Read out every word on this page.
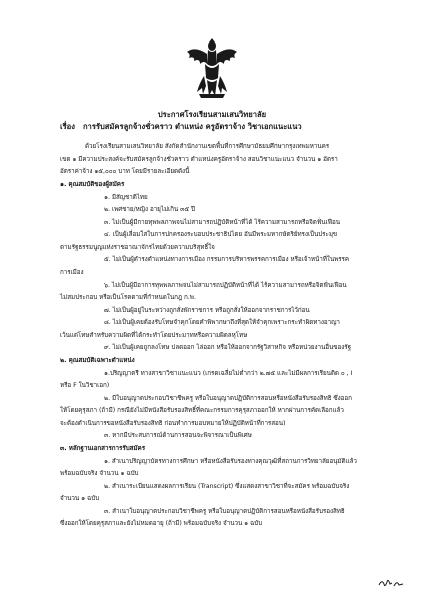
ประกาศโรงเรียนสามเสนวิทยาลัย
เรื่อง การรับสมัครลูกจ้างชั่วคราว ตำแหน่ง ครูอัตราจ้าง วิชาเอกแนะแนว
ด้วยโรงเรียนสามเสนวิทยาลัย สังกัดสำนักงานเขตพื้นที่การศึกษามัธยมศึกษากรุงเทพมหานคร
เขต ๑ มีความประสงค์จะรับสมัครลูกจ้างชั่วคราว ตำแหน่งครูอัตราจ้าง สอนวิชาแนะแนว จำนวน ๑ อัตรา
อัตราค่าจ้าง ๑๕,๐๐๐ บาท โดยมีรายละเอียดดังนี้
๑. คุณสมบัติของผู้สมัคร
๑. มีสัญชาติไทย
๒. เพศชาย/หญิง อายุไม่เกิน ๓๕ ปี
๓. ไม่เป็นผู้มีกายทุพพลภาพจนไม่สามารถปฏิบัติหน้าที่ได้ ไร้ความสามารถหรือจิตฟั่นเฟือน
๔. เป็นผู้เลื่อมใสในการปกครองระบอบประชาธิปไตย อันมีพระมหากษัตริย์ทรงเป็นประมุข
ตามรัฐธรรมนูญแห่งราชอาณาจักรไทยด้วยความบริสุทธิ์ใจ
๕. ไม่เป็นผู้ดำรงตำแหน่งทางการเมือง กรรมการบริหารพรรคการเมือง หรือเจ้าหน้าที่ในพรรค
การเมือง
๖. ไม่เป็นผู้มีอาการทุพพลภาพจนไม่สามารถปฏิบัติหน้าที่ได้ ไร้ความสามารถหรือจิตฟั่นเฟือน
ไม่สมประกอบ หรือเป็นโรคตามที่กำหนดในกฎ ก.พ.
๗. ไม่เป็นผู้อยู่ในระหว่างถูกสั่งพักราชการ หรือถูกสั่งให้ออกจากราชการไว้ก่อน
๘. ไม่เป็นผู้เคยต้องรับโทษจำคุกโดยคำพิพากษาถึงที่สุดให้จำคุกเพราะกระทำผิดทางอาญา
เว้นแต่โทษสำหรับความผิดที่ได้กระทำโดยประมาทหรือความผิดลหุโทษ
๙. ไม่เป็นผู้เคยถูกลงโทษ ปลดออก ไล่ออก หรือให้ออกจากรัฐวิสาหกิจ หรือหน่วยงานอื่นของรัฐ
๒. คุณสมบัติเฉพาะตำแหน่ง
๑.ปริญญาตรี ทางสาขาวิชาแนะแนว (เกรดเฉลี่ยไม่ต่ำกว่า ๒.๗๕ และไม่มีผลการเรียนติด ๐ , I
หรือ F ในวิชาเอก)
๒. มีใบอนุญาตประกอบวิชาชีพครู หรือใบอนุญาตปฏิบัติการสอนหรือหนังสือรับรองสิทธิ ซึ่งออก
ให้โดยคุรุสภา (ถ้ามี) กรณียังไม่มีหนังสือรับรองสิทธิ์ที่คณะกรรมการคุรุสภาออกให้ หากผ่านการคัดเลือกแล้ว
จะต้องดำเนินการขอหนังสือรับรองสิทธิ ก่อนทำการมอบหมายให้ปฏิบัติหน้าที่การสอน)
๓. หากมีประสบการณ์ด้านการสอนจะพิจารณาเป็นพิเศษ
๓. หลักฐานเอกสารการรับสมัคร
๑. สำเนาปริญญาบัตรทางการศึกษา หรือหนังสือรับรองทางคุณวุฒิที่สถานการวิทยาลัยอนุมัติแล้ว
พร้อมฉบับจริง จำนวน ๑ ฉบับ
๒. สำเนาระเบียนแสดงผลการเรียน (Transcript) ซึ่งแสดงสาขาวิชาที่จะสมัคร พร้อมฉบับจริง
จำนวน ๑ ฉบับ
๓. สำเนาใบอนุญาตประกอบวิชาชีพครู หรือใบอนุญาตปฏิบัติการสอนหรือหนังสือรับรองสิทธิ
ซึ่งออกให้โดยคุรุสภาและยังไม่หมดอายุ (ถ้ามี) พร้อมฉบับจริง จำนวน ๑ ฉบับ
